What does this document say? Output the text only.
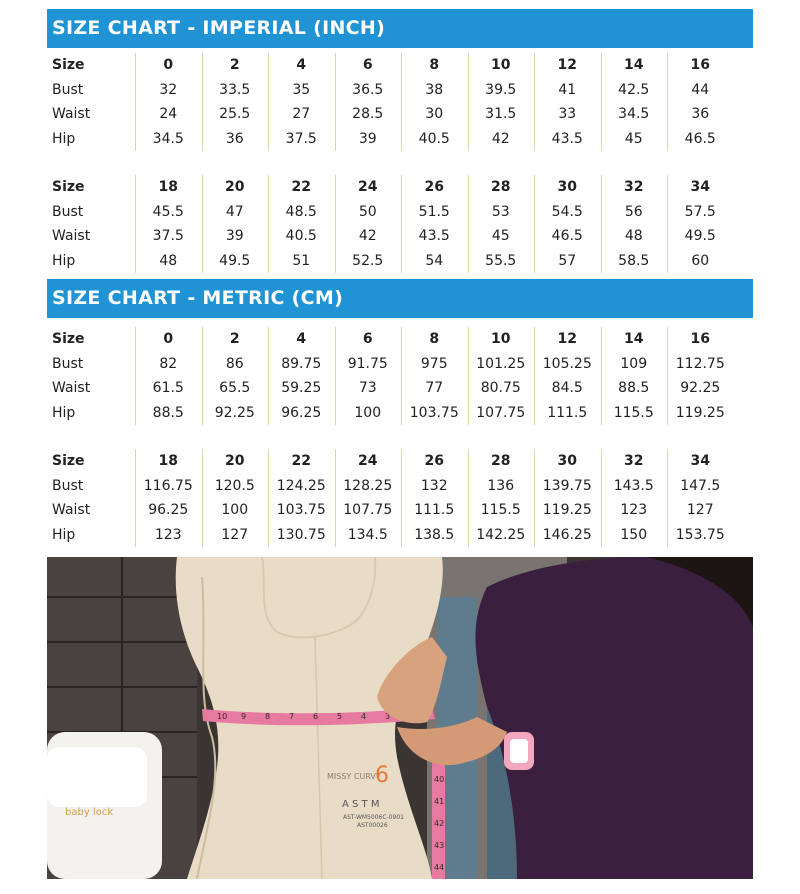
SIZE CHART - IMPERIAL (INCH)
Size	0	2	4	6	8	10	12	14	16
Bust	32	33.5	35	36.5	38	39.5	41	42.5	44
Waist	24	25.5	27	28.5	30	31.5	33	34.5	36
Hip	34.5	36	37.5	39	40.5	42	43.5	45	46.5
Size	18	20	22	24	26	28	30	32	34
Bust	45.5	47	48.5	50	51.5	53	54.5	56	57.5
Waist	37.5	39	40.5	42	43.5	45	46.5	48	49.5
Hip	48	49.5	51	52.5	54	55.5	57	58.5	60
SIZE CHART - METRIC (CM)
Size	0	2	4	6	8	10	12	14	16
Bust	82	86	89.75	91.75	975	101.25	105.25	109	112.75
Waist	61.5	65.5	59.25	73	77	80.75	84.5	88.5	92.25
Hip	88.5	92.25	96.25	100	103.75	107.75	111.5	115.5	119.25
Size	18	20	22	24	26	28	30	32	34
Bust	116.75	120.5	124.25	128.25	132	136	139.75	143.5	147.5
Waist	96.25	100	103.75	107.75	111.5	115.5	119.25	123	127
Hip	123	127	130.75	134.5	138.5	142.25	146.25	150	153.75
baby lock
10 9 8 7 6 5 4 3
40
41
42
43
44
MISSY CURVY
6
A S T M
AST-WM5006C-0901
AST00026
